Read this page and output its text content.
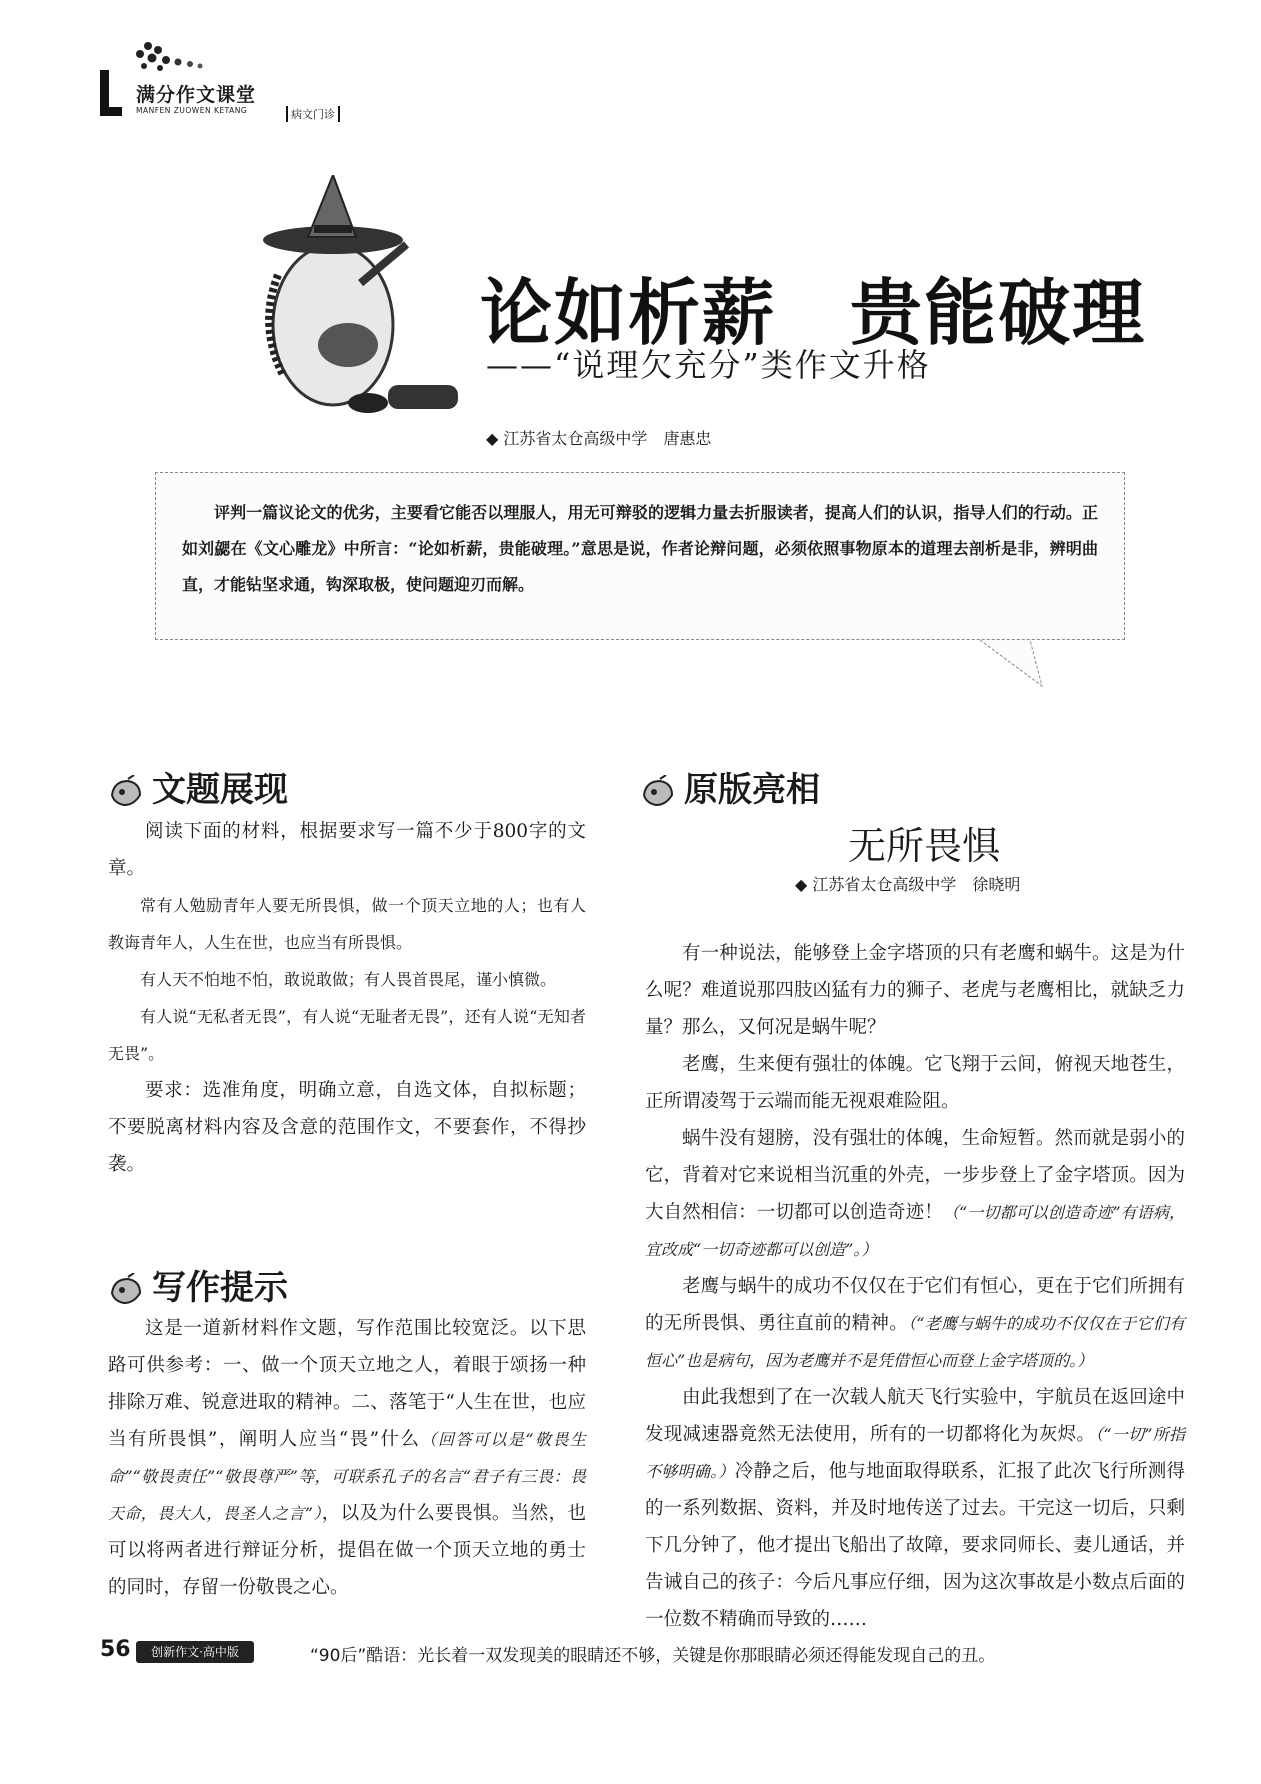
满分作文课堂
MANFEN ZUOWEN KETANG	病文门诊
论如析薪　贵能破理
——“说理欠充分”类作文升格
◆ 江苏省太仓高级中学　唐惠忠

评判一篇议论文的优劣，主要看它能否以理服人，用无可辩驳的逻辑力量去折服读者，提高人们的认识，指导人们的行动。正如刘勰在《文心雕龙》中所言：“论如析薪，贵能破理。”意思是说，作者论辩问题，必须依照事物原本的道理去剖析是非，辨明曲直，才能钻坚求通，钩深取极，使问题迎刃而解。

文题展现

阅读下面的材料，根据要求写一篇不少于800字的文章。

常有人勉励青年人要无所畏惧，做一个顶天立地的人；也有人教诲青年人，人生在世，也应当有所畏惧。

有人天不怕地不怕，敢说敢做；有人畏首畏尾，谨小慎微。

有人说“无私者无畏”，有人说“无耻者无畏”，还有人说“无知者无畏”。

要求：选准角度，明确立意，自选文体，自拟标题；不要脱离材料内容及含意的范围作文，不要套作，不得抄袭。

写作提示

这是一道新材料作文题，写作范围比较宽泛。以下思路可供参考：一、做一个顶天立地之人，着眼于颂扬一种排除万难、锐意进取的精神。二、落笔于“人生在世，也应当有所畏惧”，阐明人应当“畏”什么（回答可以是“敬畏生命”“敬畏责任”“敬畏尊严”等，可联系孔子的名言“君子有三畏：畏天命，畏大人，畏圣人之言”），以及为什么要畏惧。当然，也可以将两者进行辩证分析，提倡在做一个顶天立地的勇士的同时，存留一份敬畏之心。

原版亮相
无所畏惧
◆ 江苏省太仓高级中学　徐晓明

有一种说法，能够登上金字塔顶的只有老鹰和蜗牛。这是为什么呢？难道说那四肢凶猛有力的狮子、老虎与老鹰相比，就缺乏力量？那么，又何况是蜗牛呢？

老鹰，生来便有强壮的体魄。它飞翔于云间，俯视天地苍生，正所谓凌驾于云端而能无视艰难险阻。

蜗牛没有翅膀，没有强壮的体魄，生命短暂。然而就是弱小的它，背着对它来说相当沉重的外壳，一步步登上了金字塔顶。因为大自然相信：一切都可以创造奇迹！（“一切都可以创造奇迹”有语病，宜改成“一切奇迹都可以创造”。）

老鹰与蜗牛的成功不仅仅在于它们有恒心，更在于它们所拥有的无所畏惧、勇往直前的精神。（“老鹰与蜗牛的成功不仅仅在于它们有恒心”也是病句，因为老鹰并不是凭借恒心而登上金字塔顶的。）

由此我想到了在一次载人航天飞行实验中，宇航员在返回途中发现减速器竟然无法使用，所有的一切都将化为灰烬。（“一切”所指不够明确。）冷静之后，他与地面取得联系，汇报了此次飞行所测得的一系列数据、资料，并及时地传送了过去。干完这一切后，只剩下几分钟了，他才提出飞船出了故障，要求同师长、妻儿通话，并告诫自己的孩子：今后凡事应仔细，因为这次事故是小数点后面的一位数不精确而导致的……

56	创新作文·高中版	“90后”酷语：光长着一双发现美的眼睛还不够，关键是你那眼睛必须还得能发现自己的丑。
